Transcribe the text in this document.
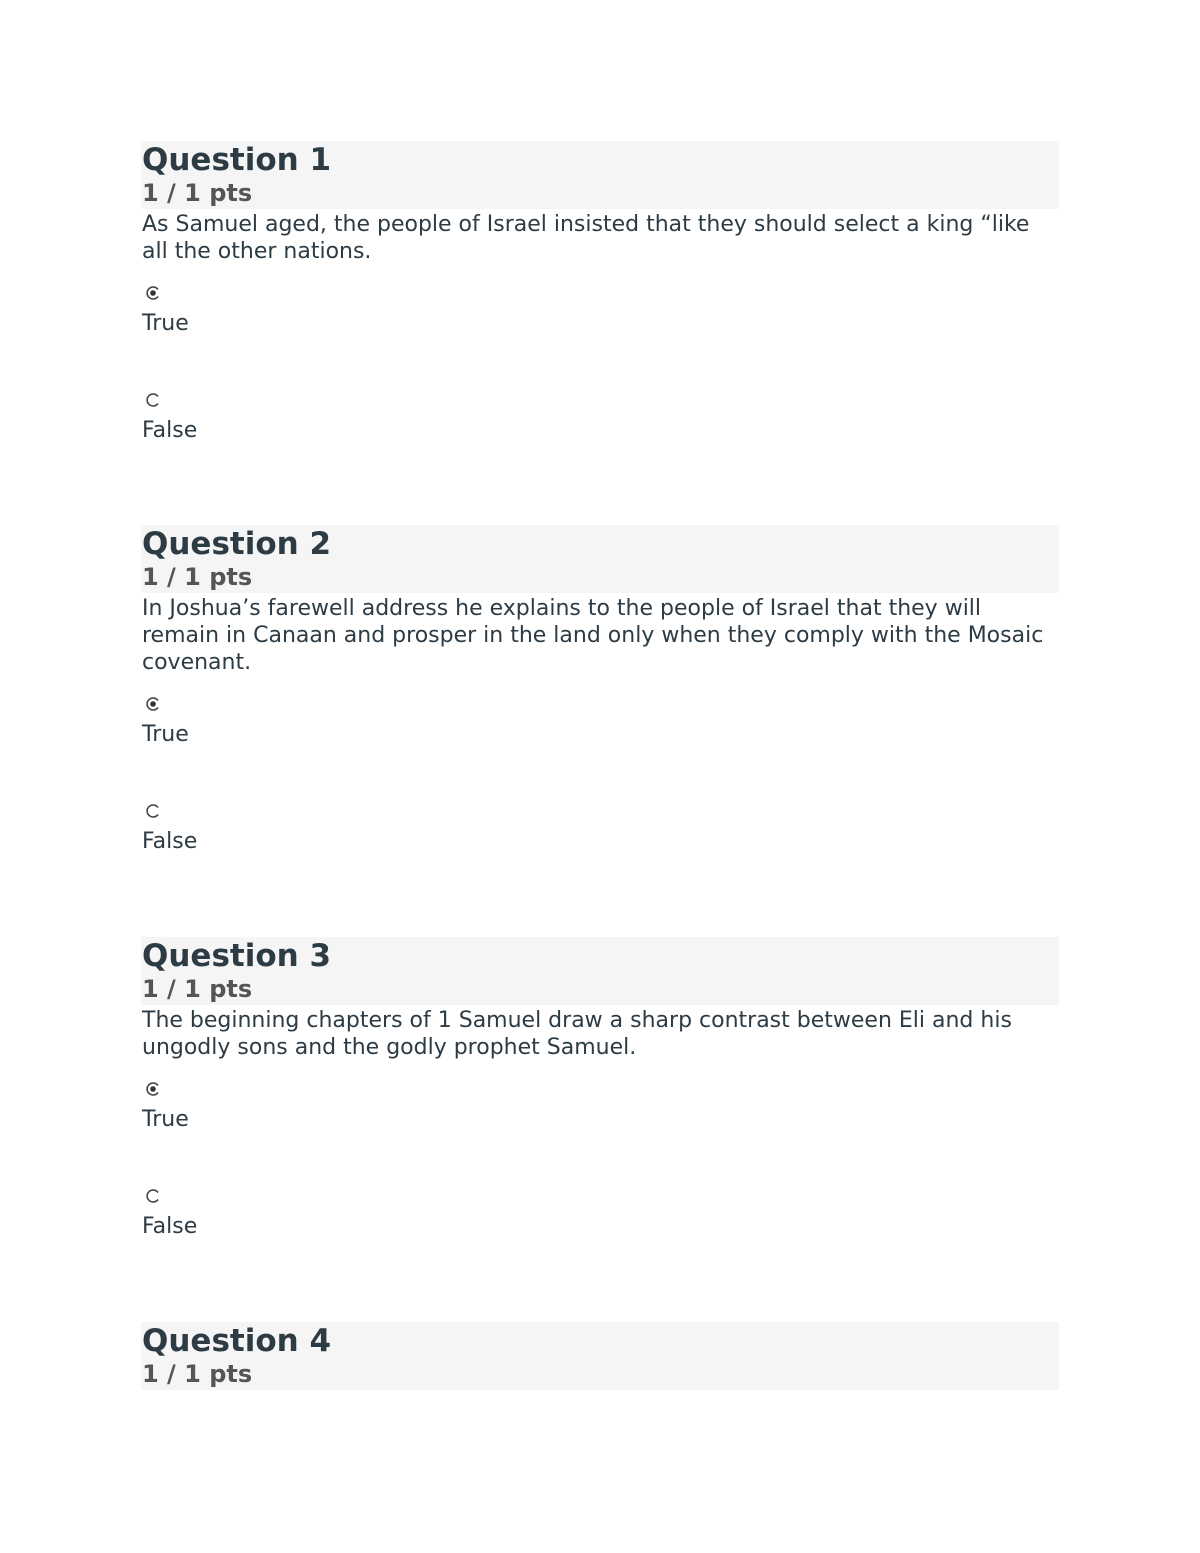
Question 1
1 / 1 pts
As Samuel aged, the people of Israel insisted that they should select a king “like all the other nations.
True
False
Question 2
1 / 1 pts
In Joshua’s farewell address he explains to the people of Israel that they will remain in Canaan and prosper in the land only when they comply with the Mosaic covenant.
True
False
Question 3
1 / 1 pts
The beginning chapters of 1 Samuel draw a sharp contrast between Eli and his ungodly sons and the godly prophet Samuel.
True
False
Question 4
1 / 1 pts
